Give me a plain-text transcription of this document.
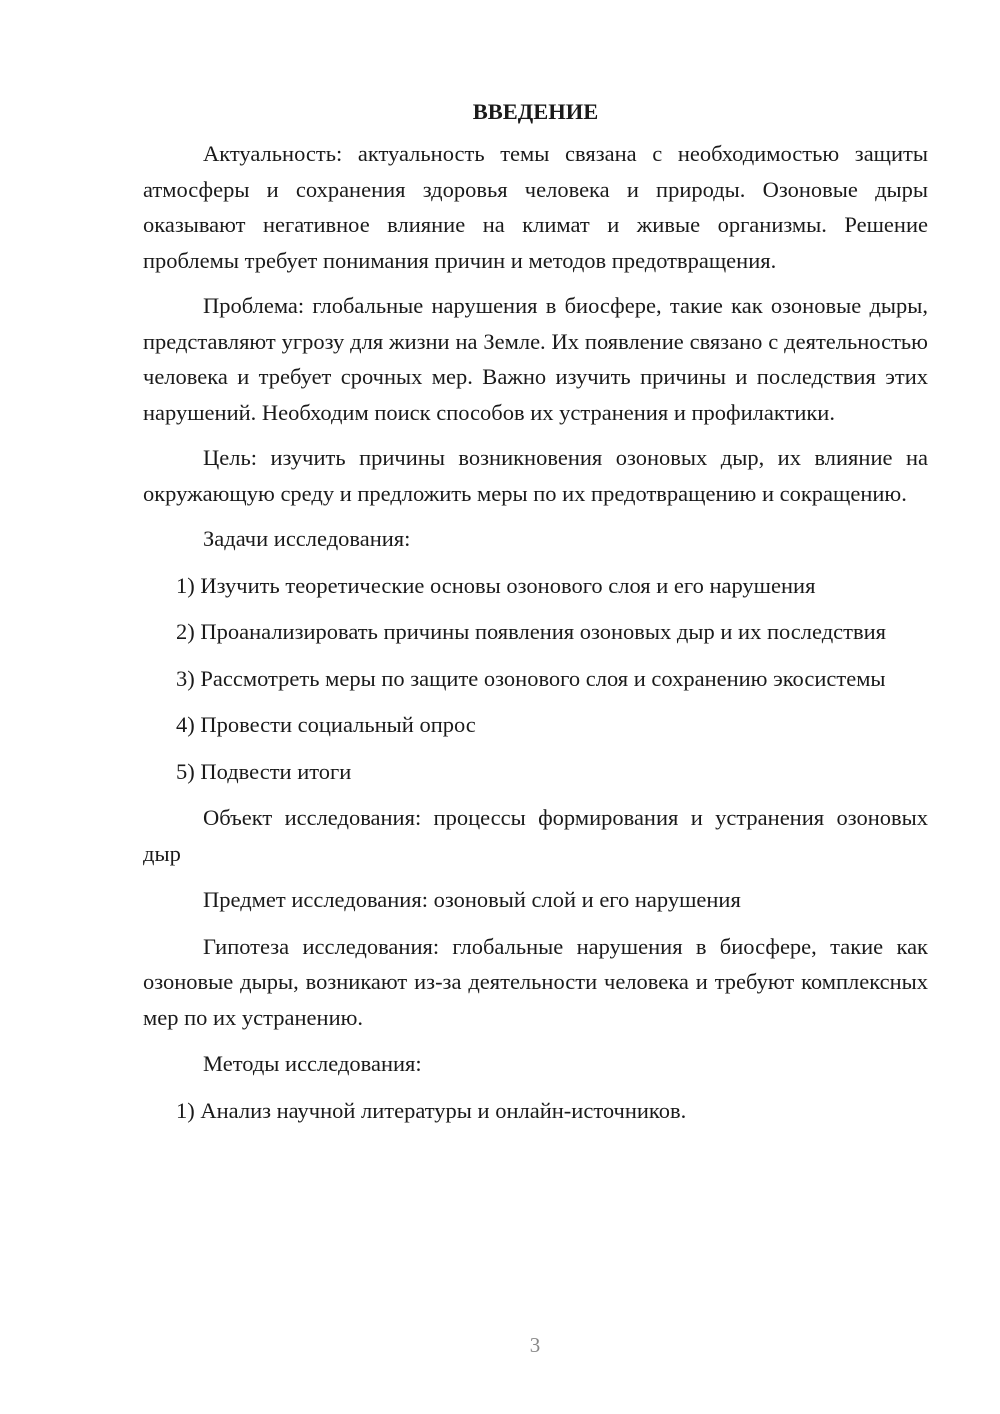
ВВЕДЕНИЕ

Актуальность: актуальность темы связана с необходимостью защиты атмосферы и сохранения здоровья человека и природы. Озоновые дыры оказывают негативное влияние на климат и живые организмы. Решение проблемы требует понимания причин и методов предотвращения.

Проблема: глобальные нарушения в биосфере, такие как озоновые дыры, представляют угрозу для жизни на Земле. Их появление связано с деятельностью человека и требует срочных мер. Важно изучить причины и последствия этих нарушений. Необходим поиск способов их устранения и профилактики.

Цель: изучить причины возникновения озоновых дыр, их влияние на окружающую среду и предложить меры по их предотвращению и сокращению.

Задачи исследования:

1) Изучить теоретические основы озонового слоя и его нарушения

2) Проанализировать причины появления озоновых дыр и их последствия

3) Рассмотреть меры по защите озонового слоя и сохранению экосистемы

4) Провести социальный опрос

5) Подвести итоги

Объект исследования: процессы формирования и устранения озоновых дыр

Предмет исследования: озоновый слой и его нарушения

Гипотеза исследования: глобальные нарушения в биосфере, такие как озоновые дыры, возникают из-за деятельности человека и требуют комплексных мер по их устранению.

Методы исследования:

1) Анализ научной литературы и онлайн-источников.

3
